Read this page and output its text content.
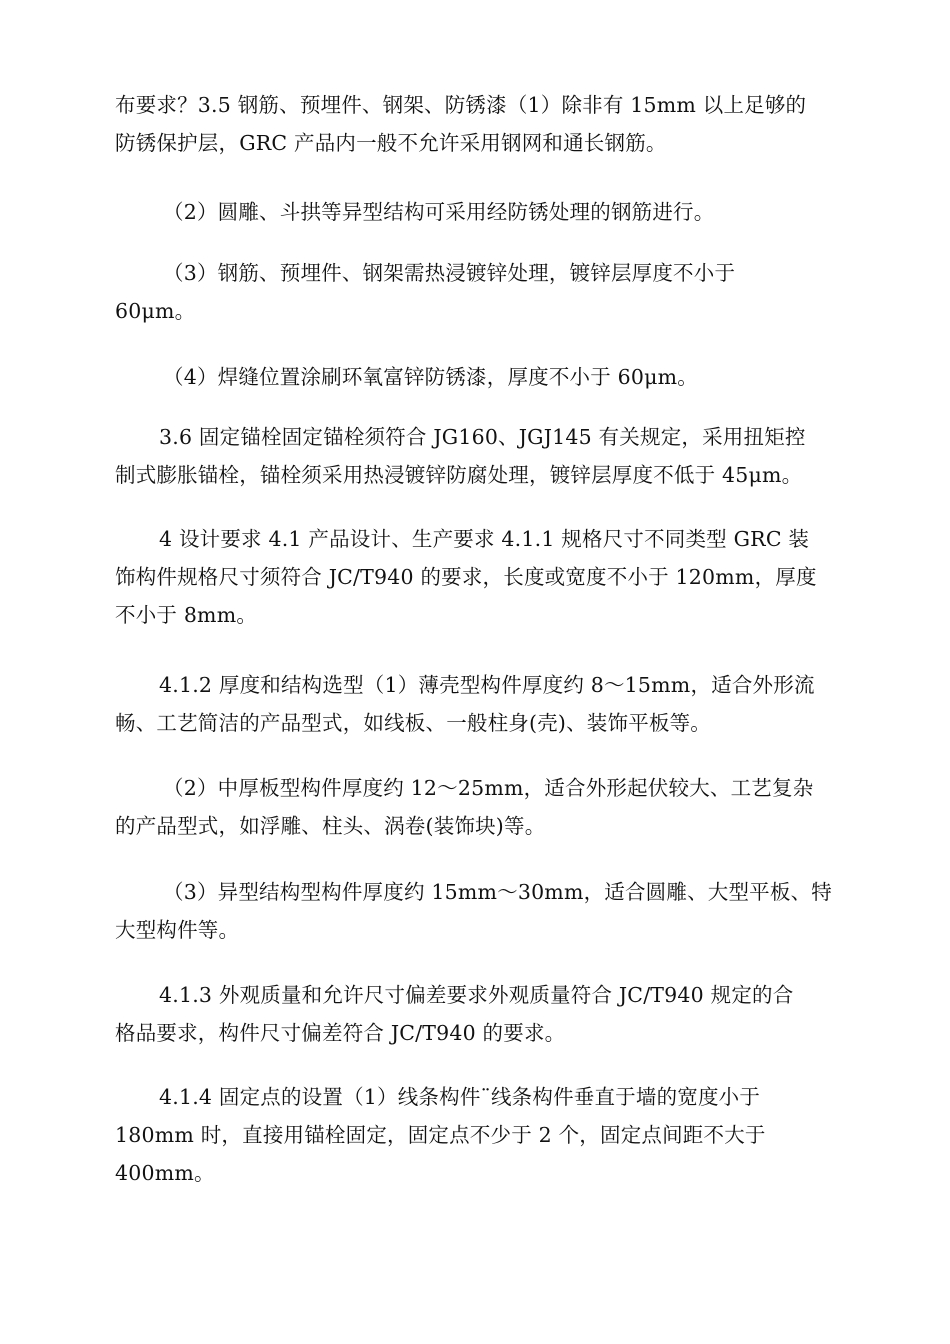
布要求？3.5 钢筋、预埋件、钢架、防锈漆（1）除非有 15mm 以上足够的
防锈保护层，GRC 产品内一般不允许采用钢网和通长钢筋。

（2）圆雕、斗拱等异型结构可采用经防锈处理的钢筋进行。

（3）钢筋、预埋件、钢架需热浸镀锌处理，镀锌层厚度不小于
60μm。

（4）焊缝位置涂刷环氧富锌防锈漆，厚度不小于 60μm。

3.6 固定锚栓固定锚栓须符合 JG160、JGJ145 有关规定，采用扭矩控
制式膨胀锚栓，锚栓须采用热浸镀锌防腐处理，镀锌层厚度不低于 45μm。

4 设计要求 4.1 产品设计、生产要求 4.1.1 规格尺寸不同类型 GRC 装
饰构件规格尺寸须符合 JC/T940 的要求，长度或宽度不小于 120mm，厚度
不小于 8mm。

4.1.2 厚度和结构选型（1）薄壳型构件厚度约 8～15mm，适合外形流
畅、工艺简洁的产品型式，如线板、一般柱身(壳)、装饰平板等。

（2）中厚板型构件厚度约 12～25mm，适合外形起伏较大、工艺复杂
的产品型式，如浮雕、柱头、涡卷(装饰块)等。

（3）异型结构型构件厚度约 15mm～30mm，适合圆雕、大型平板、特
大型构件等。

4.1.3 外观质量和允许尺寸偏差要求外观质量符合 JC/T940 规定的合
格品要求，构件尺寸偏差符合 JC/T940 的要求。

4.1.4 固定点的设置（1）线条构件¨线条构件垂直于墙的宽度小于
180mm 时，直接用锚栓固定，固定点不少于 2 个，固定点间距不大于
400mm。
